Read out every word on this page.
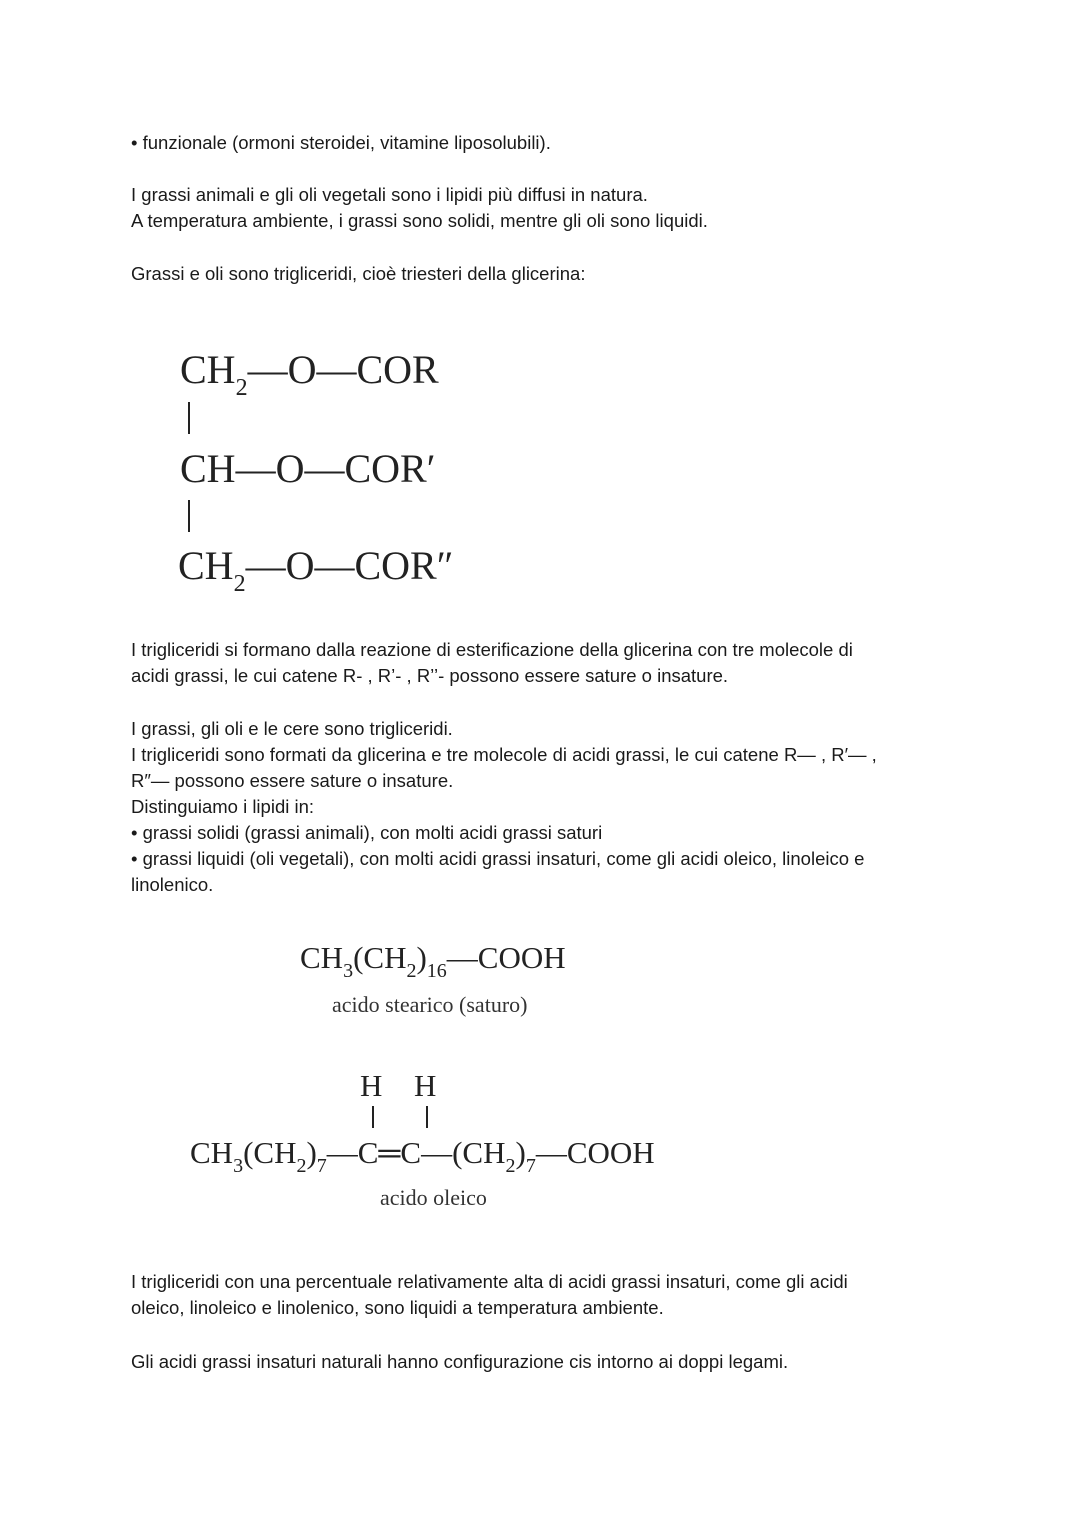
• funzionale (ormoni steroidei, vitamine liposolubili).

I grassi animali e gli oli vegetali sono i lipidi più diffusi in natura.
A temperatura ambiente, i grassi sono solidi, mentre gli oli sono liquidi.

Grassi e oli sono trigliceridi, cioè triesteri della glicerina:

$CH_2—O—COR$
CH—O—COR′
$CH_2—O—COR''$

I trigliceridi si formano dalla reazione di esterificazione della glicerina con tre molecole di
acidi grassi, le cui catene R- , R’- , R’’- possono essere sature o insature.

I grassi, gli oli e le cere sono trigliceridi.
I trigliceridi sono formati da glicerina e tre molecole di acidi grassi, le cui catene R— , R′— ,
R″— possono essere sature o insature.
Distinguiamo i lipidi in:
• grassi solidi (grassi animali), con molti acidi grassi saturi
• grassi liquidi (oli vegetali), con molti acidi grassi insaturi, come gli acidi oleico, linoleico e
linolenico.

$CH_3(CH_2)_{16}—COOH$
acido stearico (saturo)
H H
$CH_3(CH_2)_7—C═C—(CH_2)_7—COOH$
acido oleico

I trigliceridi con una percentuale relativamente alta di acidi grassi insaturi, come gli acidi
oleico, linoleico e linolenico, sono liquidi a temperatura ambiente.

Gli acidi grassi insaturi naturali hanno configurazione cis intorno ai doppi legami.
